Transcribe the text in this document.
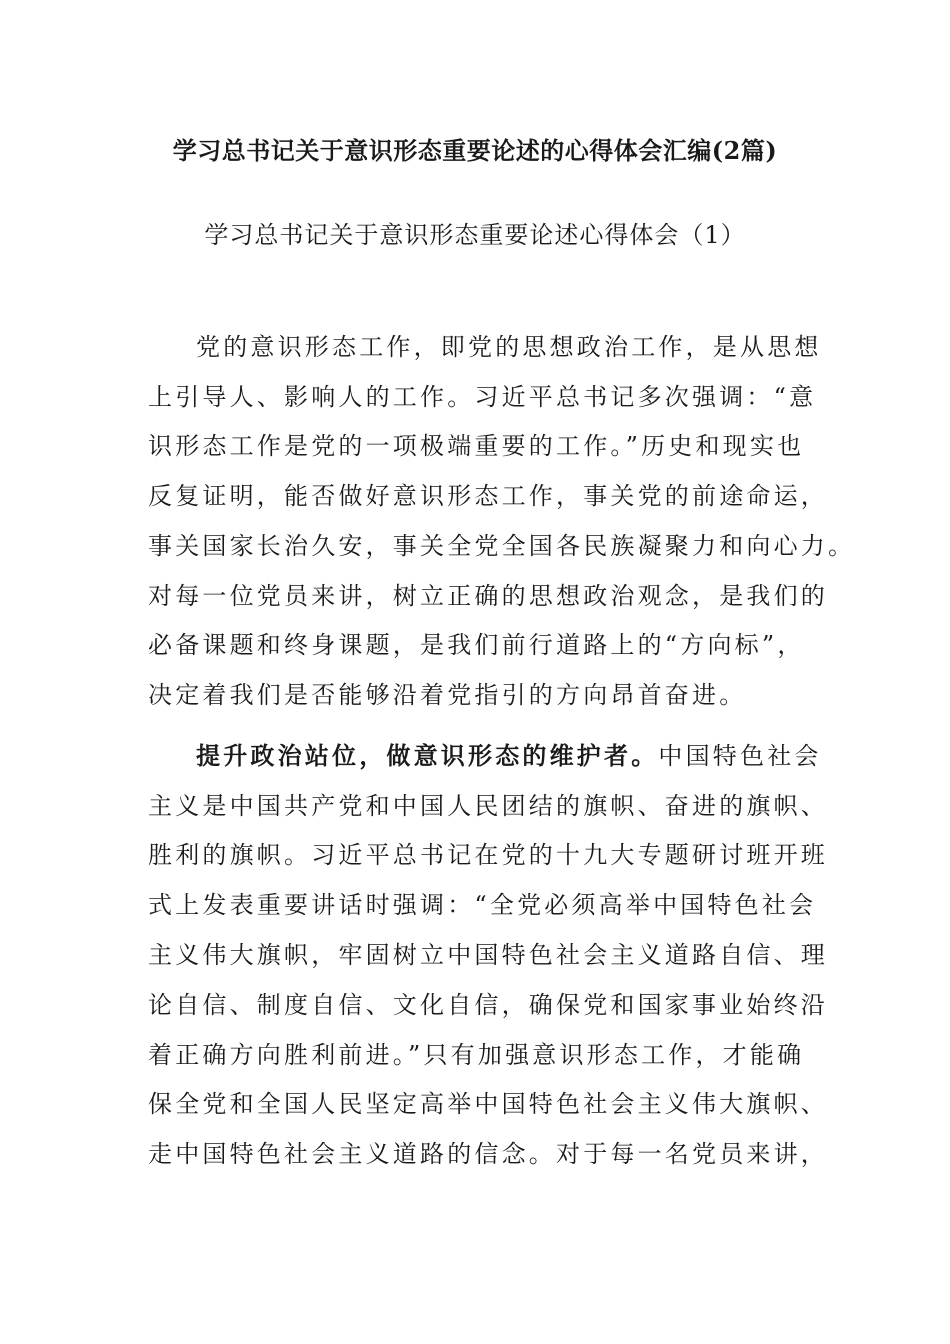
学习总书记关于意识形态重要论述的心得体会汇编(2篇)
学习总书记关于意识形态重要论述心得体会（1）
党的意识形态工作，即党的思想政治工作，是从思想
上引导人、影响人的工作。习近平总书记多次强调：“意
识形态工作是党的一项极端重要的工作。”历史和现实也
反复证明，能否做好意识形态工作，事关党的前途命运，
事关国家长治久安，事关全党全国各民族凝聚力和向心力。
对每一位党员来讲，树立正确的思想政治观念，是我们的
必备课题和终身课题，是我们前行道路上的“方向标”，
决定着我们是否能够沿着党指引的方向昂首奋进。
提升政治站位，做意识形态的维护者。中国特色社会
主义是中国共产党和中国人民团结的旗帜、奋进的旗帜、
胜利的旗帜。习近平总书记在党的十九大专题研讨班开班
式上发表重要讲话时强调：“全党必须高举中国特色社会
主义伟大旗帜，牢固树立中国特色社会主义道路自信、理
论自信、制度自信、文化自信，确保党和国家事业始终沿
着正确方向胜利前进。”只有加强意识形态工作，才能确
保全党和全国人民坚定高举中国特色社会主义伟大旗帜、
走中国特色社会主义道路的信念。对于每一名党员来讲，
